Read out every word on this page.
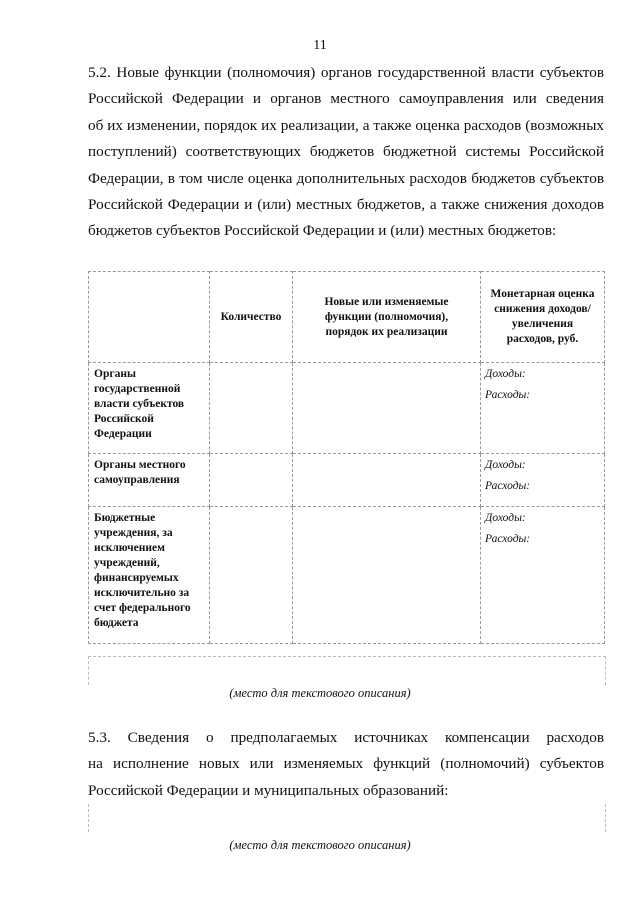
11
5.2. Новые функции (полномочия) органов государственной власти субъектов
Российской Федерации и органов местного самоуправления или сведения
об их изменении, порядок их реализации, а также оценка расходов (возможных
поступлений) соответствующих бюджетов бюджетной системы Российской
Федерации, в том числе оценка дополнительных расходов бюджетов субъектов
Российской Федерации и (или) местных бюджетов, а также снижения доходов
бюджетов субъектов Российской Федерации и (или) местных бюджетов:
	Количество	Новые или изменяемые функции (полномочия), порядок их реализации	Монетарная оценка снижения доходов/ увеличения расходов, руб.
Органы государственной власти субъектов Российской Федерации			Доходы:
Расходы:

Органы местного самоуправления			Доходы:
Расходы:

Бюджетные учреждения, за исключением учреждений, финансируемых исключительно за счет федерального бюджета			Доходы:
Расходы:
(место для текстового описания)
5.3.   Сведения   о   предполагаемых   источниках   компенсации   расходов
на исполнение новых или изменяемых функций (полномочий) субъектов
Российской Федерации и муниципальных образований:
(место для текстового описания)
